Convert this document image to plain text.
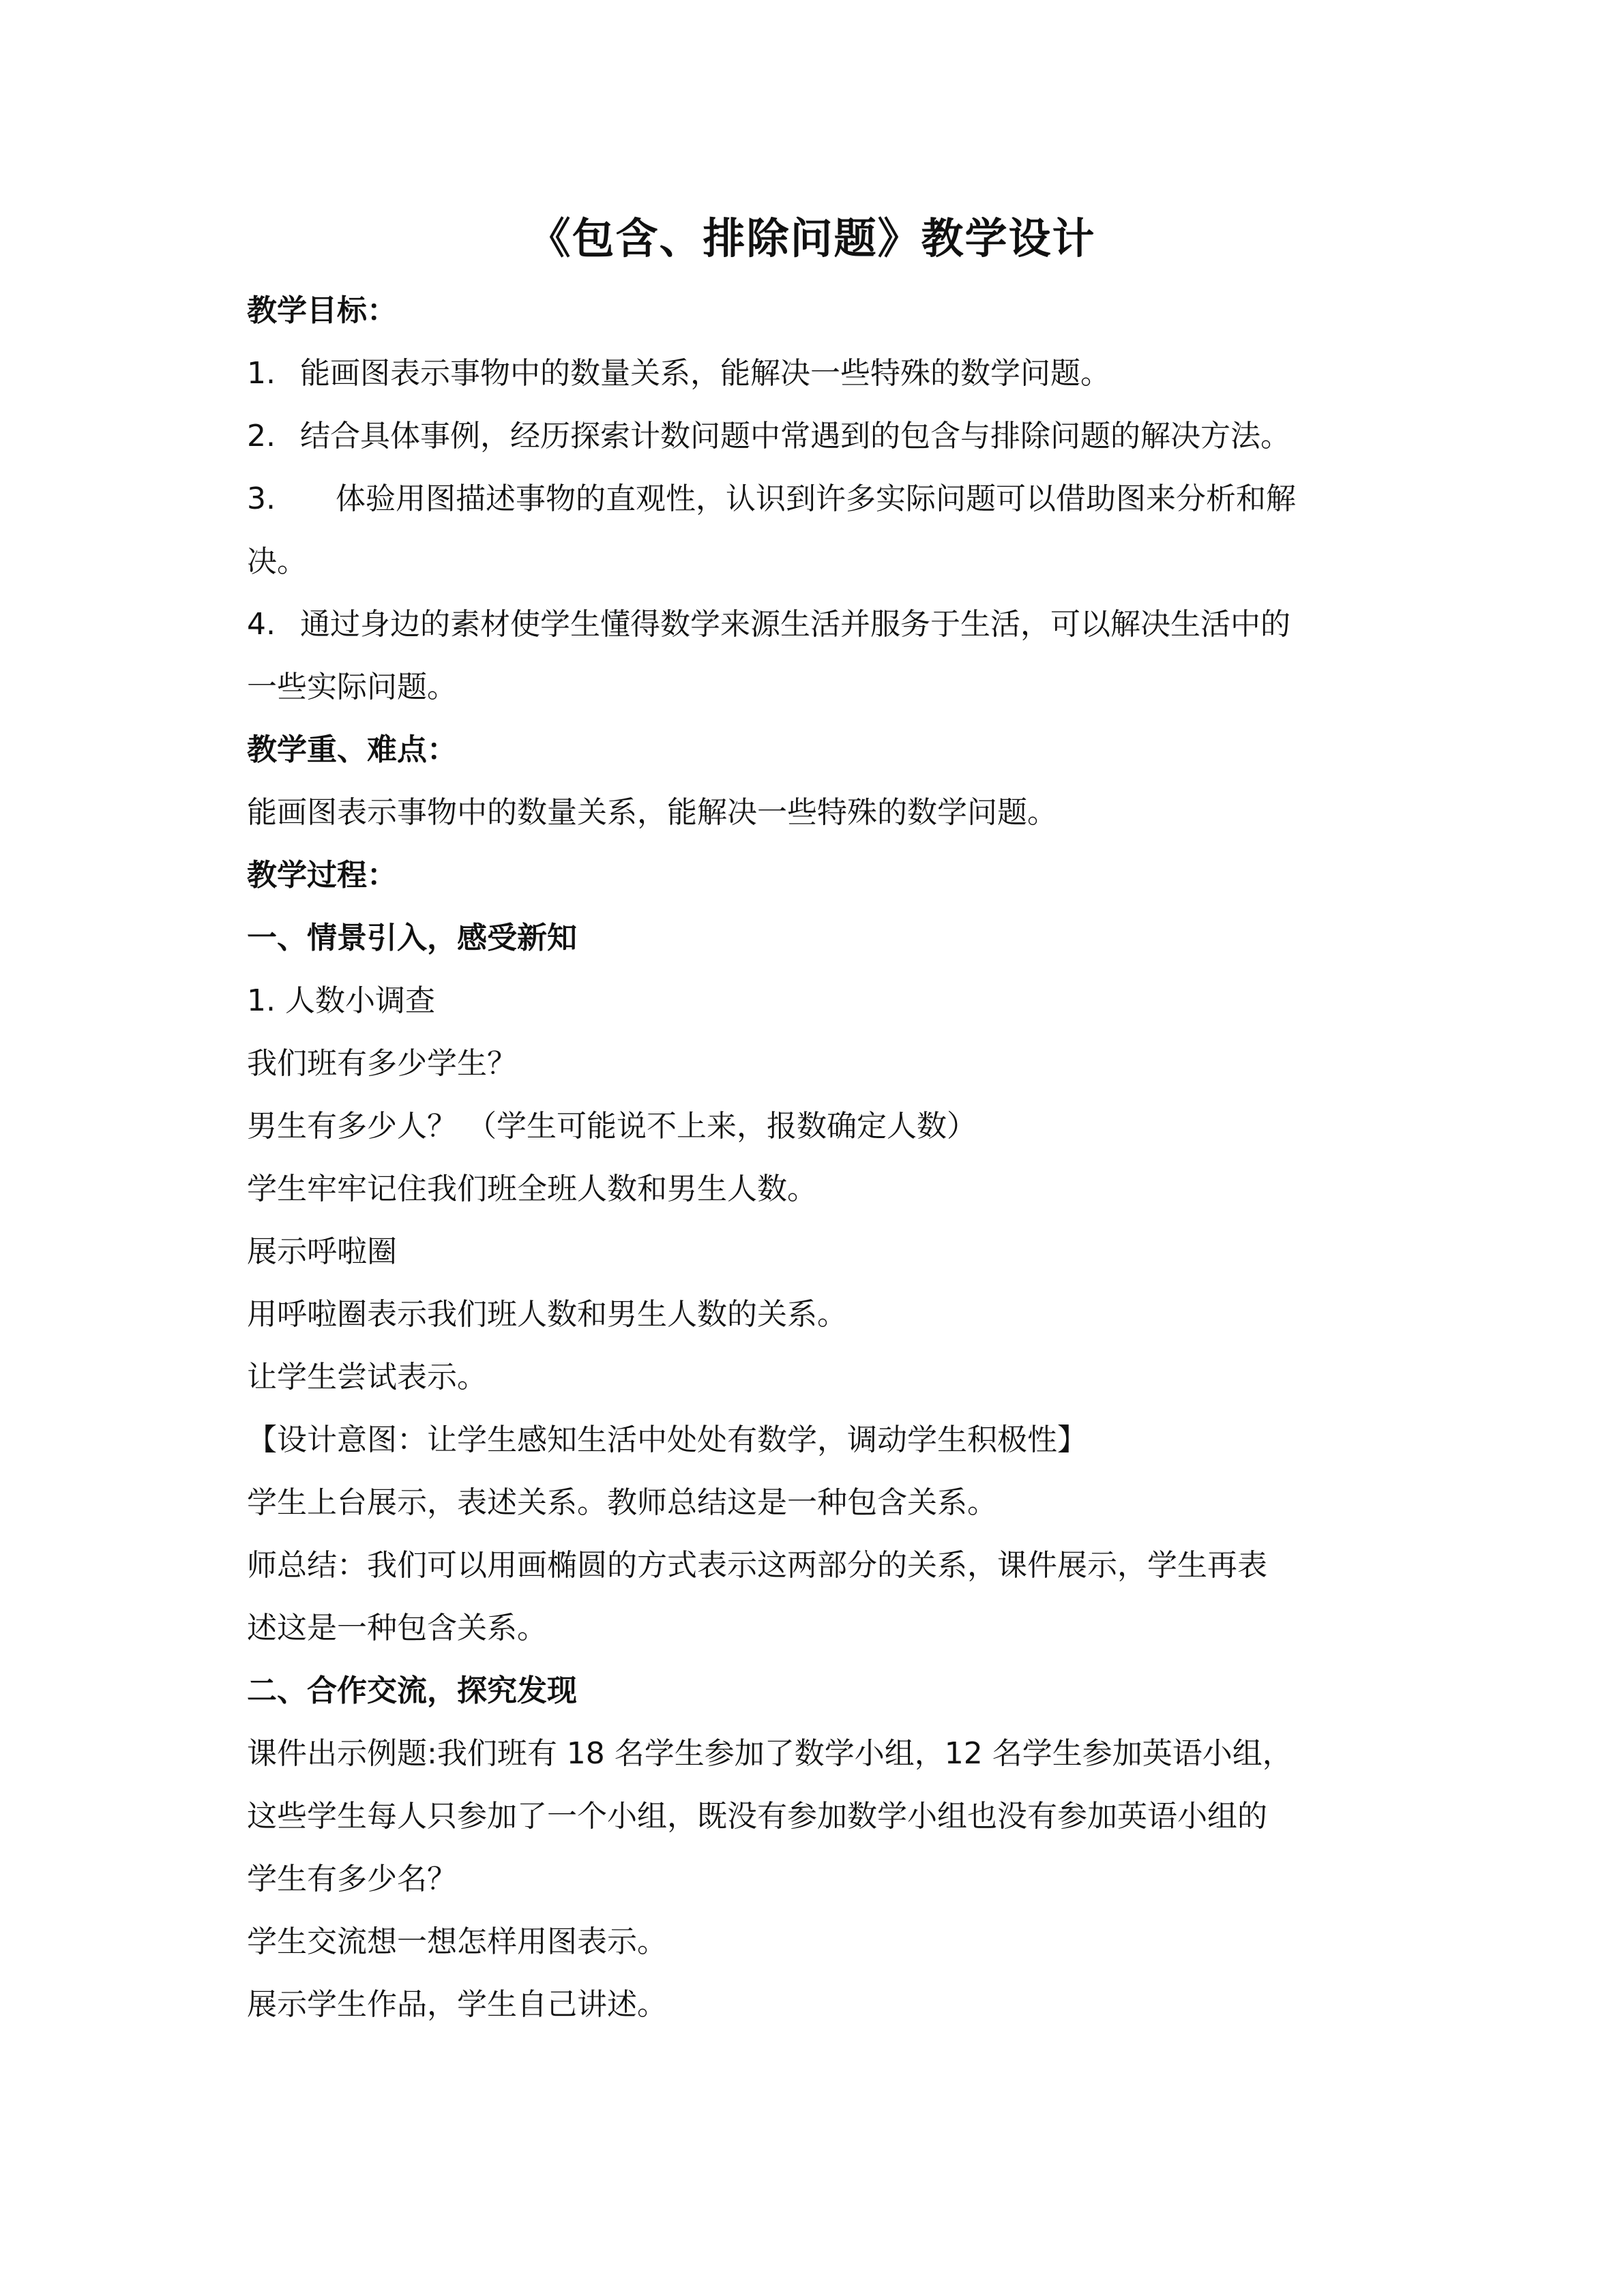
《包含、排除问题》教学设计
教学目标：
1. 能画图表示事物中的数量关系，能解决一些特殊的数学问题。
2. 结合具体事例，经历探索计数问题中常遇到的包含与排除问题的解决方法。
3. 体验用图描述事物的直观性，认识到许多实际问题可以借助图来分析和解
决。
4. 通过身边的素材使学生懂得数学来源生活并服务于生活，可以解决生活中的
一些实际问题。
教学重、难点：
能画图表示事物中的数量关系，能解决一些特殊的数学问题。
教学过程：
一、情景引入，感受新知
1. 人数小调查
我们班有多少学生？
男生有多少人？ （学生可能说不上来，报数确定人数）
学生牢牢记住我们班全班人数和男生人数。
展示呼啦圈
用呼啦圈表示我们班人数和男生人数的关系。
让学生尝试表示。
【设计意图：让学生感知生活中处处有数学，调动学生积极性】
学生上台展示，表述关系。教师总结这是一种包含关系。
师总结：我们可以用画椭圆的方式表示这两部分的关系，课件展示，学生再表
述这是一种包含关系。
二、合作交流，探究发现
课件出示例题:我们班有 18 名学生参加了数学小组，12 名学生参加英语小组，
这些学生每人只参加了一个小组，既没有参加数学小组也没有参加英语小组的
学生有多少名？
学生交流想一想怎样用图表示。
展示学生作品，学生自己讲述。
